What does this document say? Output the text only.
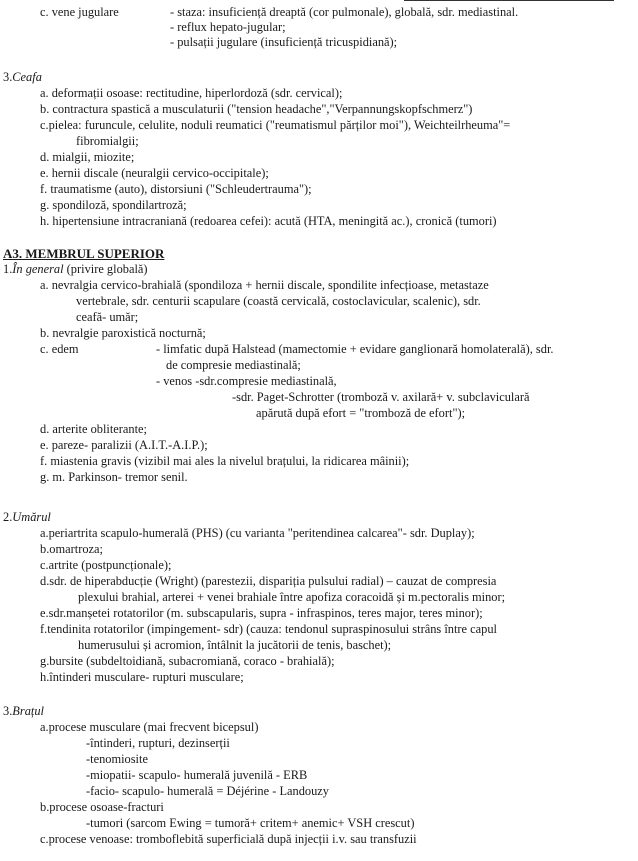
c. vene jugulare	- staza: insuficiență dreaptă (cor pulmonale), globală, sdr. mediastinal.
- reflux hepato-jugular;
- pulsații jugulare (insuficiență tricuspidiană);
3.Ceafa
a. deformații osoase: rectitudine, hiperlordoză (sdr. cervical);
b. contractura spastică a musculaturii ("tension headache","Verpannungskopfschmerz")
c.pielea: furuncule, celulite, noduli reumatici ("reumatismul părților moi"), Weichteilrheuma"=
fibromialgii;
d. mialgii, miozite;
e. hernii discale (neuralgii cervico-occipitale);
f. traumatisme (auto), distorsiuni ("Schleudertrauma");
g. spondiloză, spondilartroză;
h. hipertensiune intracraniană (redoarea cefei): acută (HTA, meningită ac.), cronică (tumori)
A3. MEMBRUL SUPERIOR
1.În general (privire globală)
a. nevralgia cervico-brahială (spondiloza + hernii discale, spondilite infecțioase, metastaze
vertebrale, sdr. centurii scapulare (coastă cervicală, costoclavicular, scalenic), sdr.
ceafă- umăr;
b. nevralgie paroxistică nocturnă;
c. edem	- limfatic după Halstead (mamectomie + evidare ganglionară homolaterală), sdr.
de compresie mediastinală;
- venos -sdr.compresie mediastinală,
-sdr. Paget-Schrotter (tromboză v. axilară+ v. subclaviculară
apărută după efort = "tromboză de efort");
d. arterite obliterante;
e. pareze- paralizii (A.I.T.-A.I.P.);
f. miastenia gravis (vizibil mai ales la nivelul brațului, la ridicarea mâinii);
g. m. Parkinson- tremor senil.
2.Umărul
a.periartrita scapulo-humerală (PHS) (cu varianta "peritendinea calcarea"- sdr. Duplay);
b.omartroza;
c.artrite (postpuncționale);
d.sdr. de hiperabducție (Wright) (parestezii, dispariția pulsului radial) – cauzat de compresia
plexului brahial, arterei + venei brahiale între apofiza coracoidă și m.pectoralis minor;
e.sdr.manșetei rotatorilor (m. subscapularis, supra - infraspinos, teres major, teres minor);
f.tendinita rotatorilor (impingement- sdr) (cauza: tendonul supraspinosului strâns între capul
humerusului și acromion, întâlnit la jucătorii de tenis, baschet);
g.bursite (subdeltoidiană, subacromiană, coraco - brahială);
h.întinderi musculare- rupturi musculare;
3.Brațul
a.procese musculare (mai frecvent bicepsul)
-întinderi, rupturi, dezinserții
-tenomiosite
-miopatii- scapulo- humerală juvenilă - ERB
-facio- scapulo- humerală = Déjérine - Landouzy
b.procese osoase-fracturi
-tumori (sarcom Ewing = tumoră+ critem+ anemic+ VSH crescut)
c.procese venoase: tromboflebită superficială după injecții i.v. sau transfuzii
